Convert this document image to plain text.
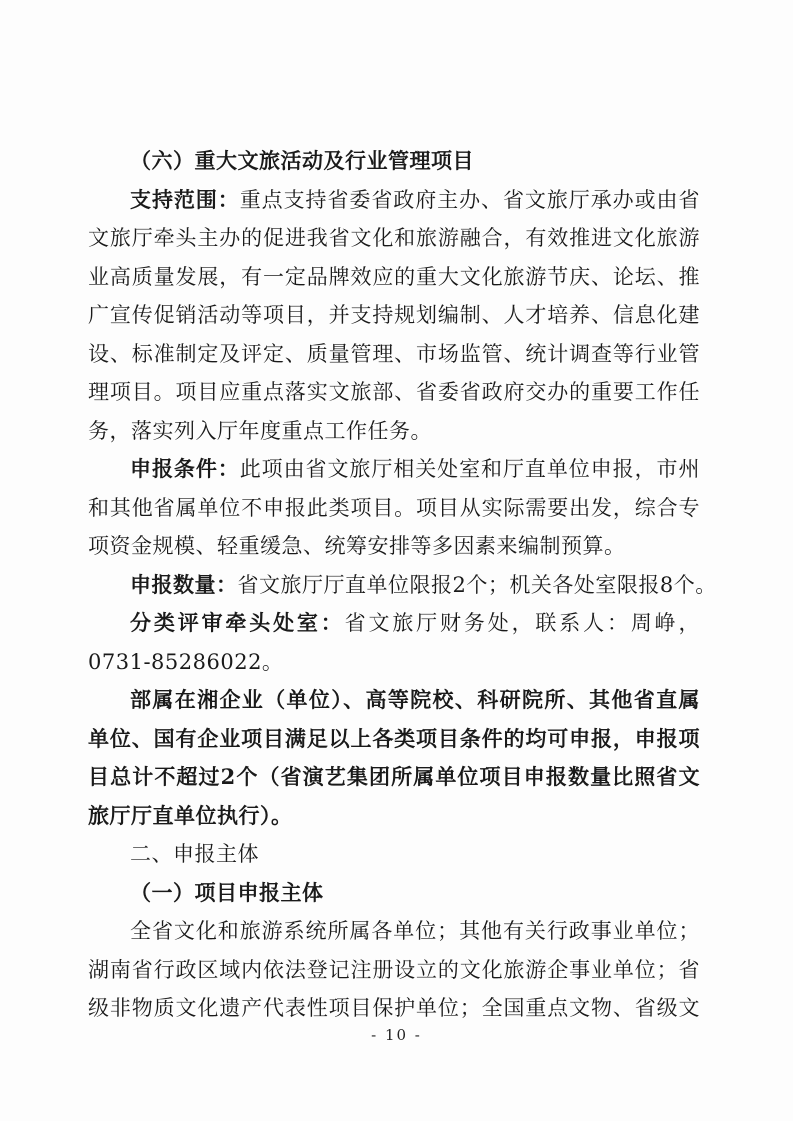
（六）重大文旅活动及行业管理项目
支持范围：重点支持省委省政府主办、省文旅厅承办或由省
文旅厅牵头主办的促进我省文化和旅游融合，有效推进文化旅游
业高质量发展，有一定品牌效应的重大文化旅游节庆、论坛、推
广宣传促销活动等项目，并支持规划编制、人才培养、信息化建
设、标准制定及评定、质量管理、市场监管、统计调查等行业管
理项目。项目应重点落实文旅部、省委省政府交办的重要工作任
务，落实列入厅年度重点工作任务。
申报条件：此项由省文旅厅相关处室和厅直单位申报，市州
和其他省属单位不申报此类项目。项目从实际需要出发，综合专
项资金规模、轻重缓急、统筹安排等多因素来编制预算。
申报数量：省文旅厅厅直单位限报2个；机关各处室限报8个。
分类评审牵头处室：省文旅厅财务处，联系人：周峥，
0731-85286022。
部属在湘企业（单位）、高等院校、科研院所、其他省直属
单位、国有企业项目满足以上各类项目条件的均可申报，申报项
目总计不超过2个（省演艺集团所属单位项目申报数量比照省文
旅厅厅直单位执行）。
二、申报主体
（一）项目申报主体
全省文化和旅游系统所属各单位；其他有关行政事业单位；
湖南省行政区域内依法登记注册设立的文化旅游企事业单位；省
级非物质文化遗产代表性项目保护单位；全国重点文物、省级文
- 10 -
